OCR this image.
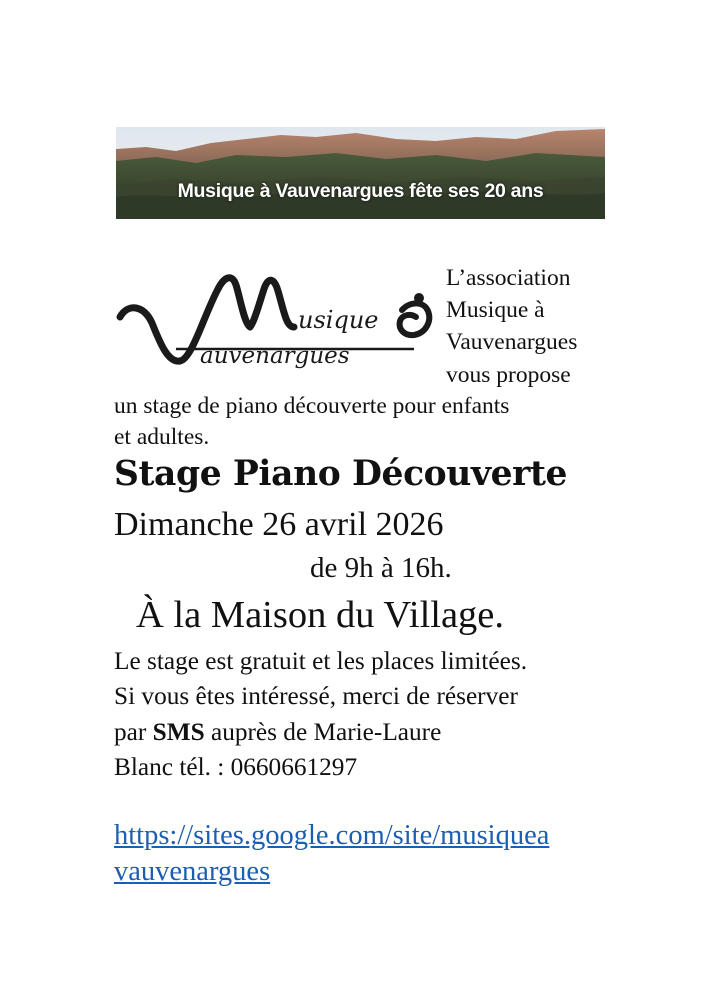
Musique à Vauvenargues fête ses 20 ans
usique
auvenargues
L’association
Musique à
Vauvenargues
vous propose
un stage de piano découverte pour enfants
et adultes.
Stage Piano Découverte
Dimanche 26 avril 2026
de 9h à 16h.
À la Maison du Village.
Le stage est gratuit et les places limitées.
Si vous êtes intéressé, merci de réserver
par SMS auprès de Marie-Laure
Blanc tél. : 0660661297
https://sites.google.com/site/musiquea
vauvenargues
